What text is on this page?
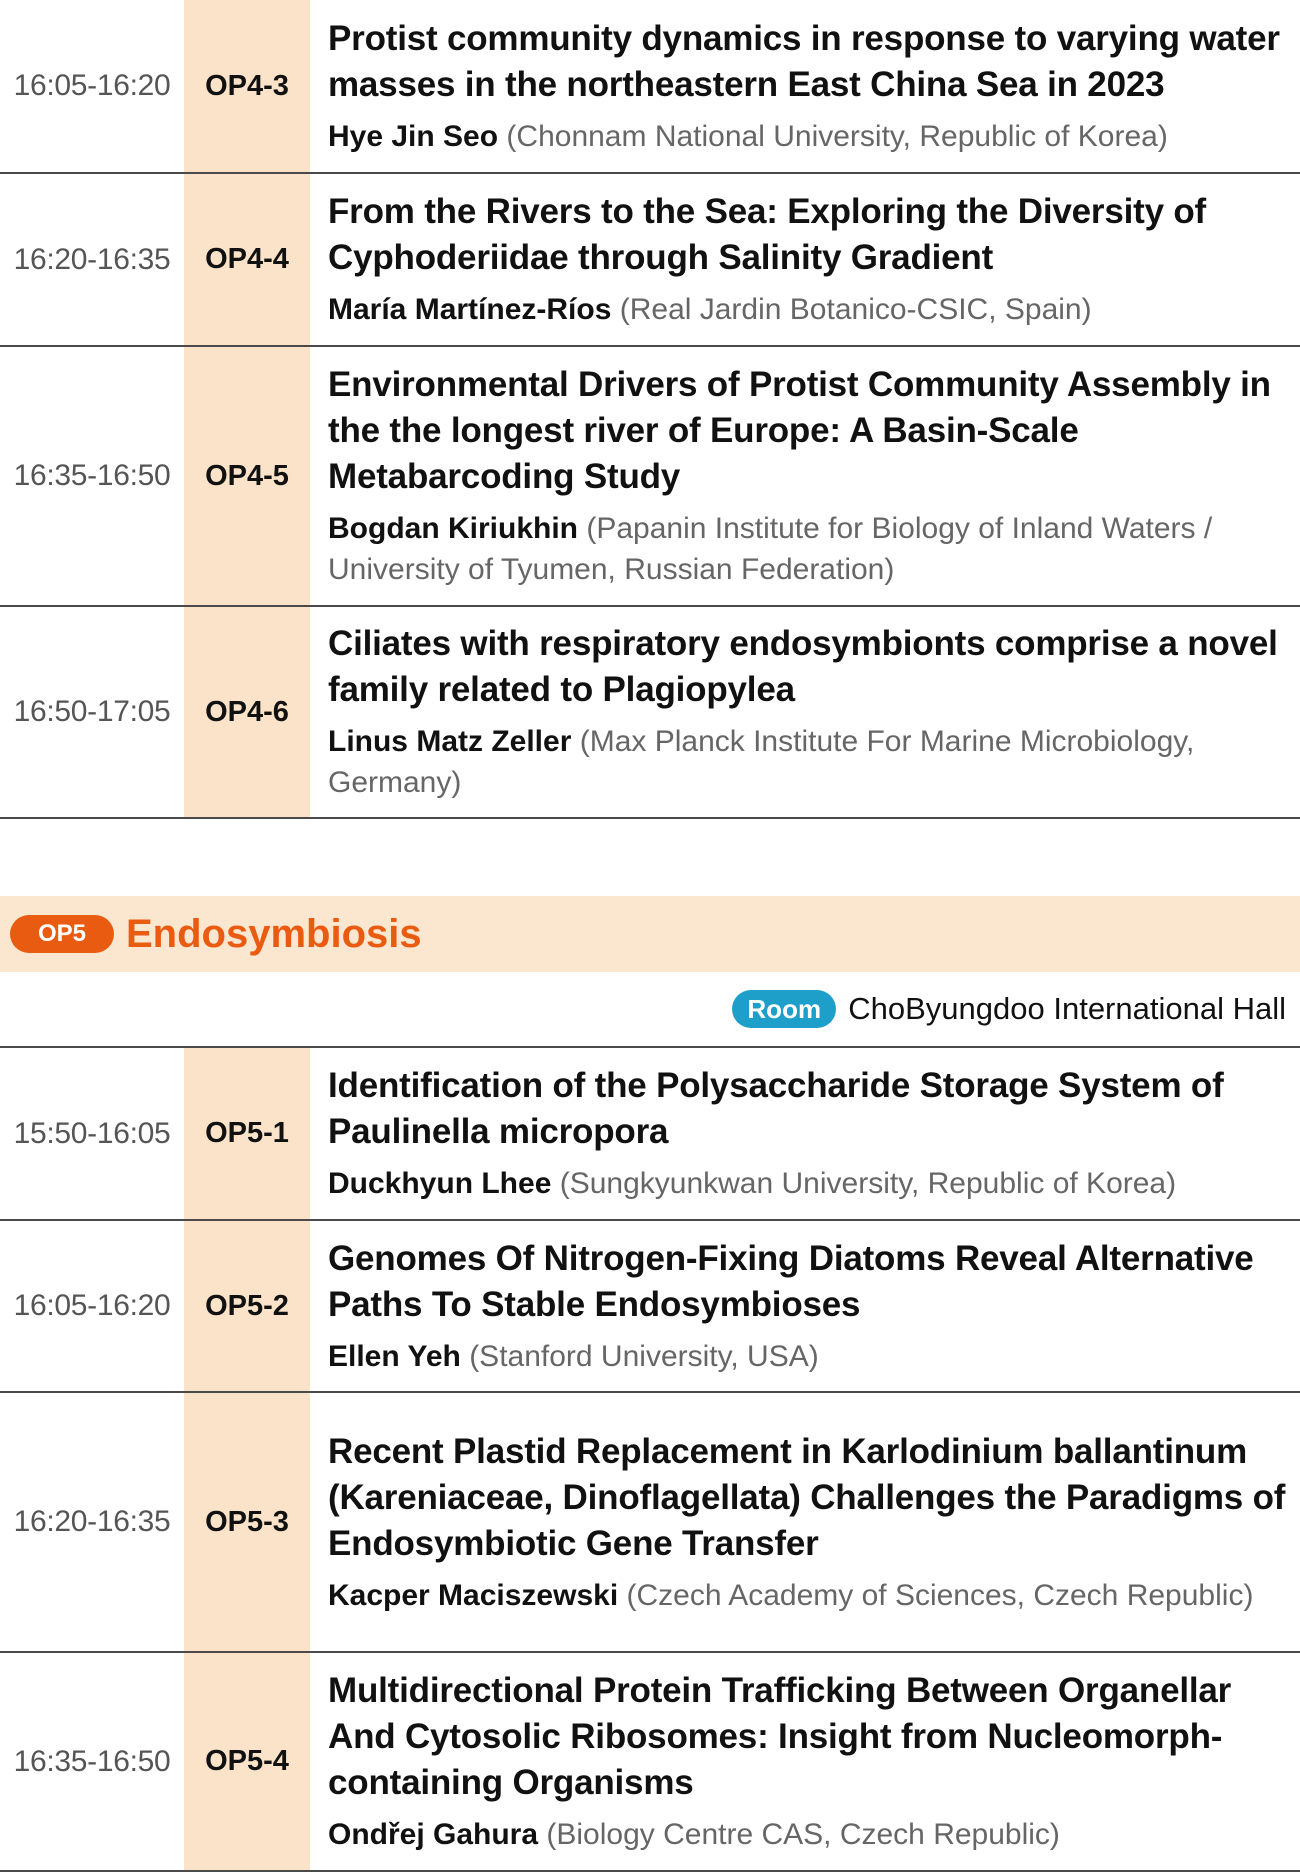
16:05-16:20	OP4-3
Protist community dynamics in response to varying water masses in the northeastern East China Sea in 2023
Hye Jin Seo (Chonnam National University, Republic of Korea)
16:20-16:35	OP4-4
From the Rivers to the Sea: Exploring the Diversity of Cyphoderiidae through Salinity Gradient
María Martínez-Ríos (Real Jardin Botanico-CSIC, Spain)
16:35-16:50	OP4-5
Environmental Drivers of Protist Community Assembly in the the longest river of Europe: A Basin-Scale Metabarcoding Study
Bogdan Kiriukhin (Papanin Institute for Biology of Inland Waters / University of Tyumen, Russian Federation)
16:50-17:05	OP4-6
Ciliates with respiratory endosymbionts comprise a novel family related to Plagiopylea
Linus Matz Zeller (Max Planck Institute For Marine Microbiology, Germany)
OP5 Endosymbiosis
Room ChoByungdoo International Hall
15:50-16:05	OP5-1
Identification of the Polysaccharide Storage System of Paulinella micropora
Duckhyun Lhee (Sungkyunkwan University, Republic of Korea)
16:05-16:20	OP5-2
Genomes Of Nitrogen-Fixing Diatoms Reveal Alternative Paths To Stable Endosymbioses
Ellen Yeh (Stanford University, USA)
16:20-16:35	OP5-3
Recent Plastid Replacement in Karlodinium ballantinum (Kareniaceae, Dinoflagellata) Challenges the Paradigms of Endosymbiotic Gene Transfer
Kacper Maciszewski (Czech Academy of Sciences, Czech Republic)
16:35-16:50	OP5-4
Multidirectional Protein Trafficking Between Organellar And Cytosolic Ribosomes: Insight from Nucleomorph-containing Organisms
Ondřej Gahura (Biology Centre CAS, Czech Republic)
